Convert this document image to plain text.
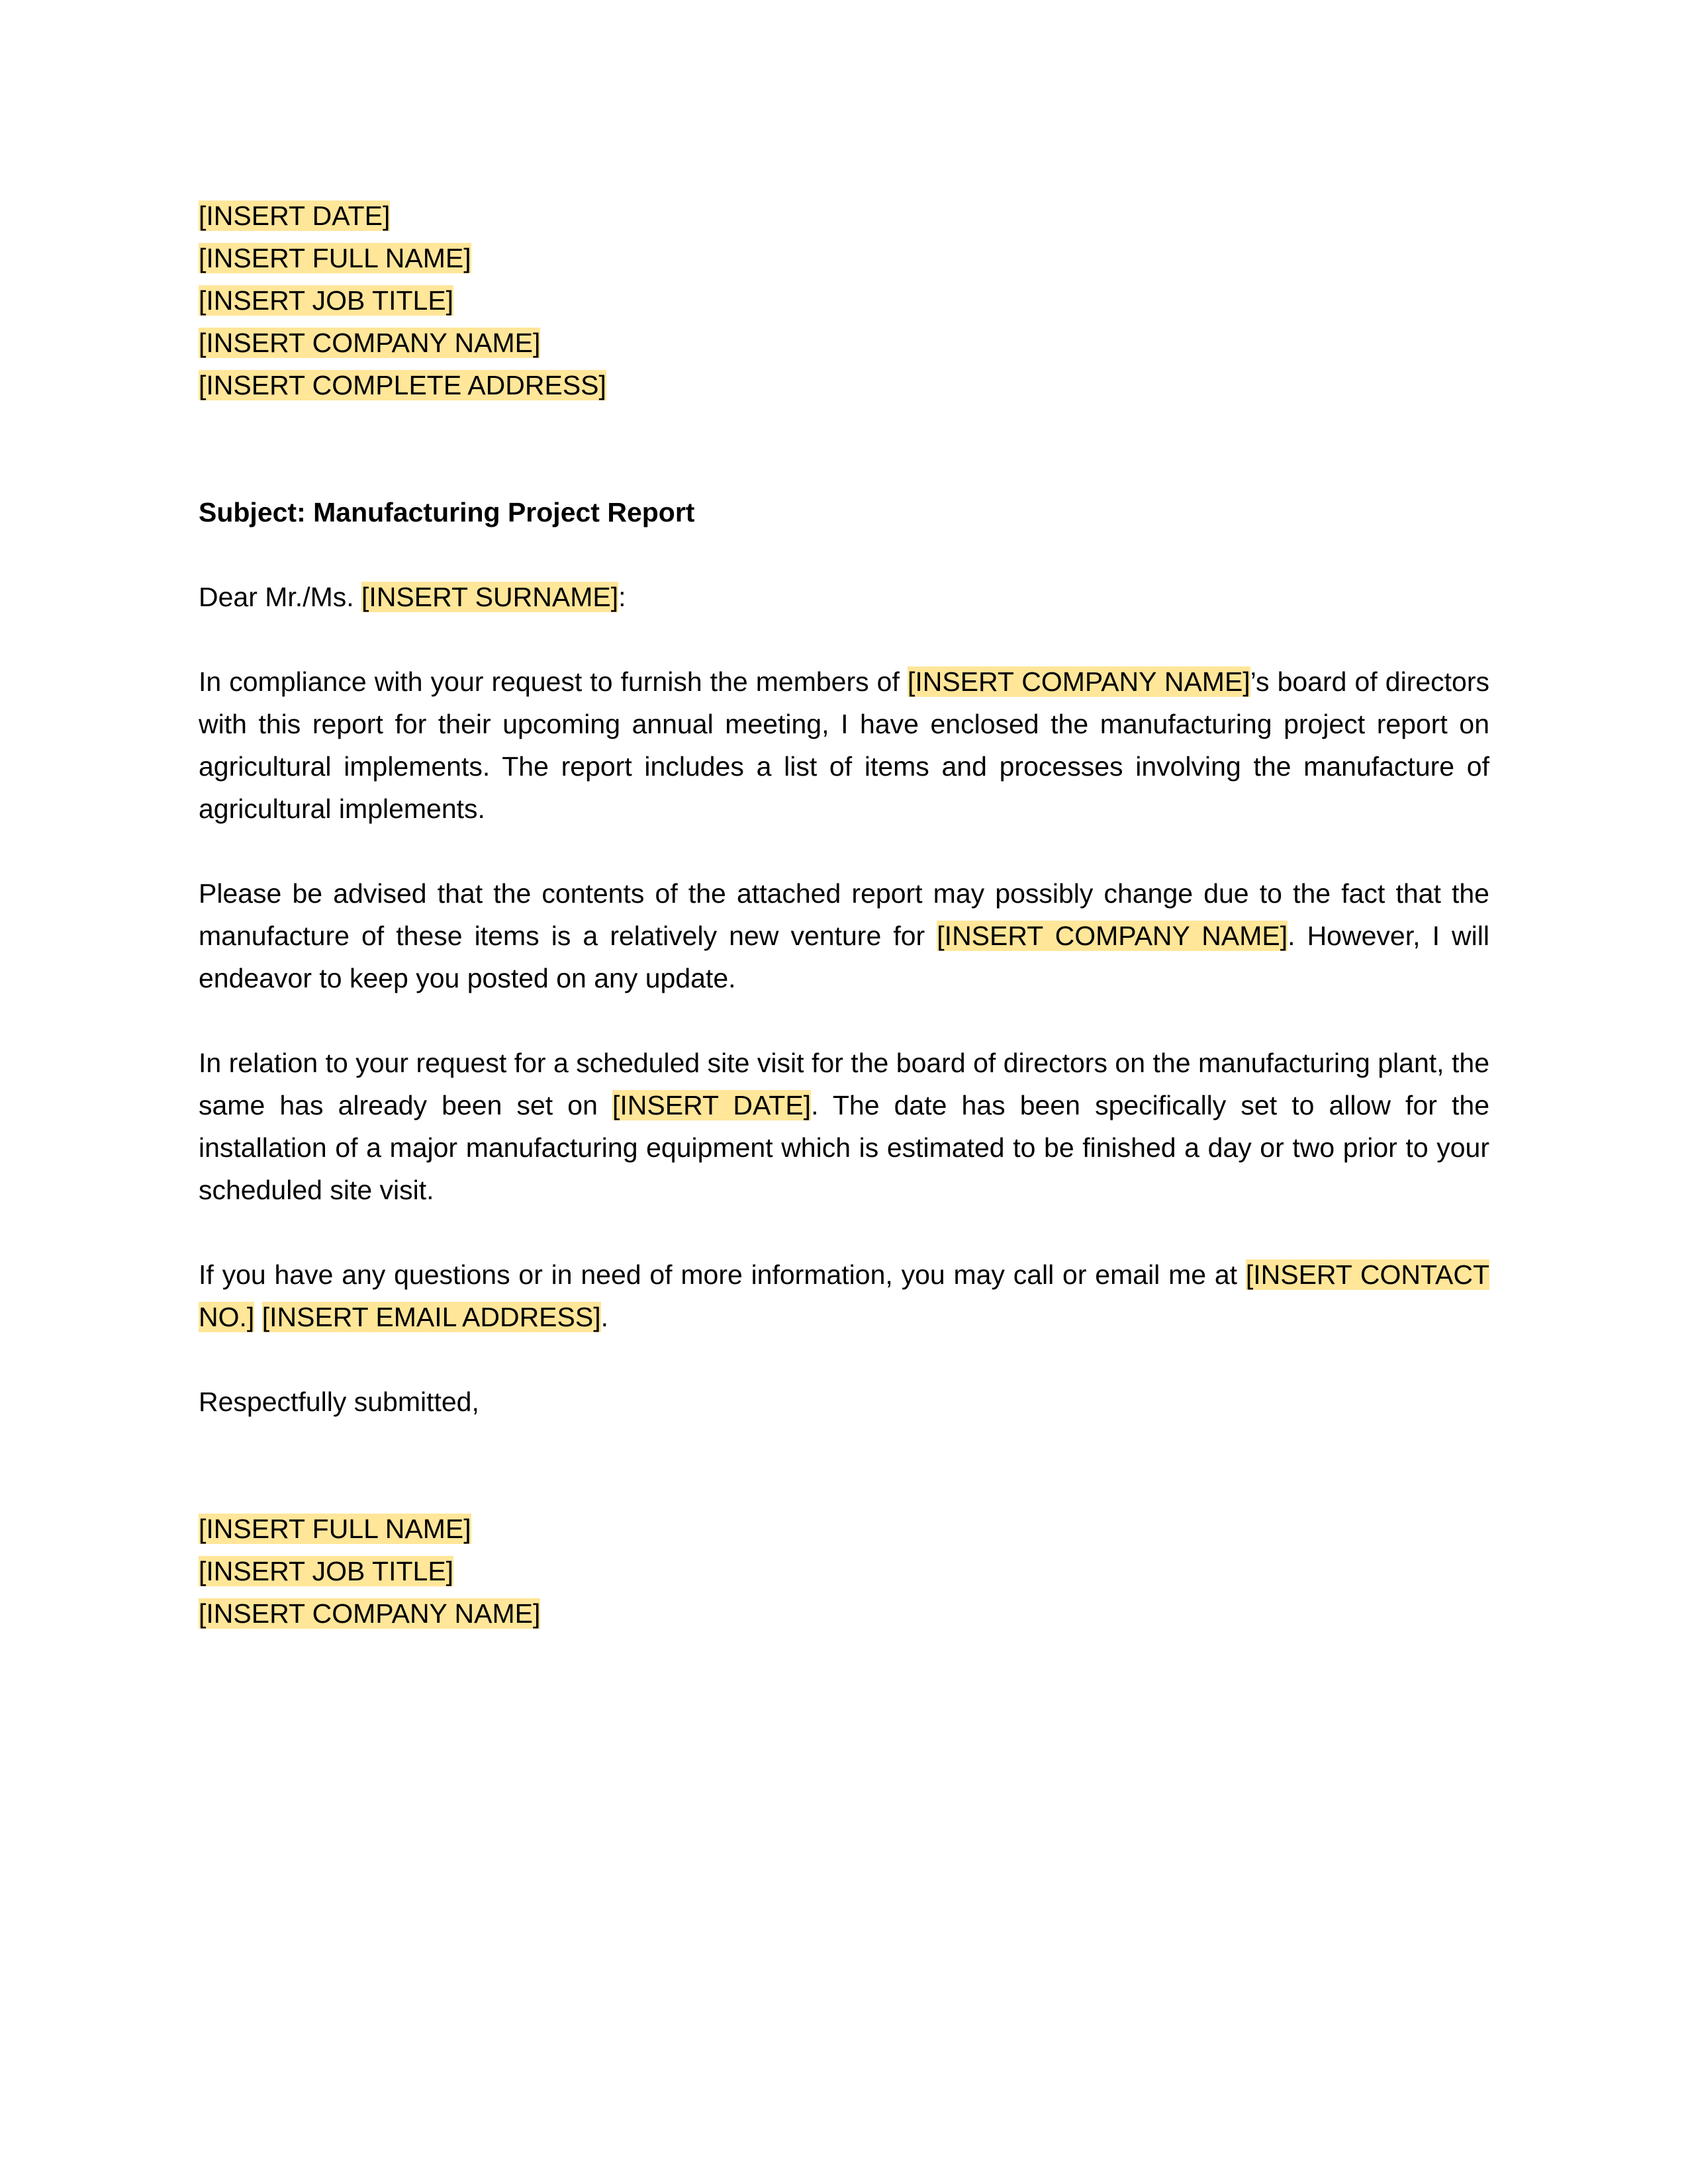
[INSERT DATE]
[INSERT FULL NAME]
[INSERT JOB TITLE]
[INSERT COMPANY NAME]
[INSERT COMPLETE ADDRESS]

Subject: Manufacturing Project Report

Dear Mr./Ms. [INSERT SURNAME]:

In compliance with your request to furnish the members of [INSERT COMPANY NAME]’s board of directors with this report for their upcoming annual meeting, I have enclosed the manufacturing project report on agricultural implements. The report includes a list of items and processes involving the manufacture of agricultural implements.

Please be advised that the contents of the attached report may possibly change due to the fact that the manufacture of these items is a relatively new venture for [INSERT COMPANY NAME]. However, I will endeavor to keep you posted on any update.

In relation to your request for a scheduled site visit for the board of directors on the manufacturing plant, the same has already been set on [INSERT DATE]. The date has been specifically set to allow for the installation of a major manufacturing equipment which is estimated to be finished a day or two prior to your scheduled site visit.

If you have any questions or in need of more information, you may call or email me at [INSERT CONTACT NO.] [INSERT EMAIL ADDRESS].

Respectfully submitted,

[INSERT FULL NAME]
[INSERT JOB TITLE]
[INSERT COMPANY NAME]
